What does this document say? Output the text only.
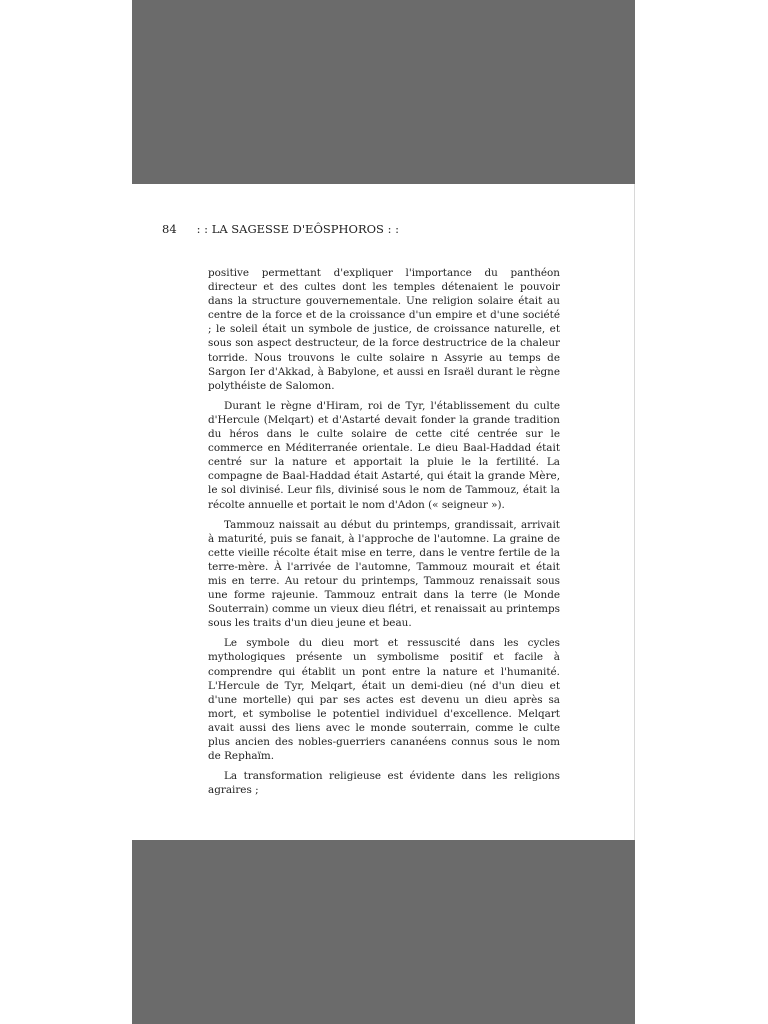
84 : : LA SAGESSE D'EÔSPHOROS : :

positive permettant d'expliquer l'importance du panthéon directeur et des cultes dont les temples détenaient le pouvoir dans la structure gouvernementale. Une religion solaire était au centre de la force et de la croissance d'un empire et d'une société ; le soleil était un symbole de justice, de croissance naturelle, et sous son aspect destructeur, de la force destructrice de la chaleur torride. Nous trouvons le culte solaire n Assyrie au temps de Sargon Ier d'Akkad, à Babylone, et aussi en Israël durant le règne polythéiste de Salomon.

Durant le règne d'Hiram, roi de Tyr, l'établissement du culte d'Hercule (Melqart) et d'Astarté devait fonder la grande tradition du héros dans le culte solaire de cette cité centrée sur le commerce en Méditerranée orientale. Le dieu Baal-Haddad était centré sur la nature et apportait la pluie le la fertilité. La compagne de Baal-Haddad était Astarté, qui était la grande Mère, le sol divinisé. Leur fils, divinisé sous le nom de Tammouz, était la récolte annuelle et portait le nom d'Adon (« seigneur »).

Tammouz naissait au début du printemps, grandissait, arrivait à maturité, puis se fanait, à l'approche de l'automne. La graine de cette vieille récolte était mise en terre, dans le ventre fertile de la terre-mère. À l'arrivée de l'automne, Tammouz mourait et était mis en terre. Au retour du printemps, Tammouz renaissait sous une forme rajeunie. Tammouz entrait dans la terre (le Monde Souterrain) comme un vieux dieu flétri, et renaissait au printemps sous les traits d'un dieu jeune et beau.

Le symbole du dieu mort et ressuscité dans les cycles mythologiques présente un symbolisme positif et facile à comprendre qui établit un pont entre la nature et l'humanité. L'Hercule de Tyr, Melqart, était un demi-dieu (né d'un dieu et d'une mortelle) qui par ses actes est devenu un dieu après sa mort, et symbolise le potentiel individuel d'excellence. Melqart avait aussi des liens avec le monde souterrain, comme le culte plus ancien des nobles-guerriers cananéens connus sous le nom de Rephaïm.

La transformation religieuse est évidente dans les religions agraires ;
